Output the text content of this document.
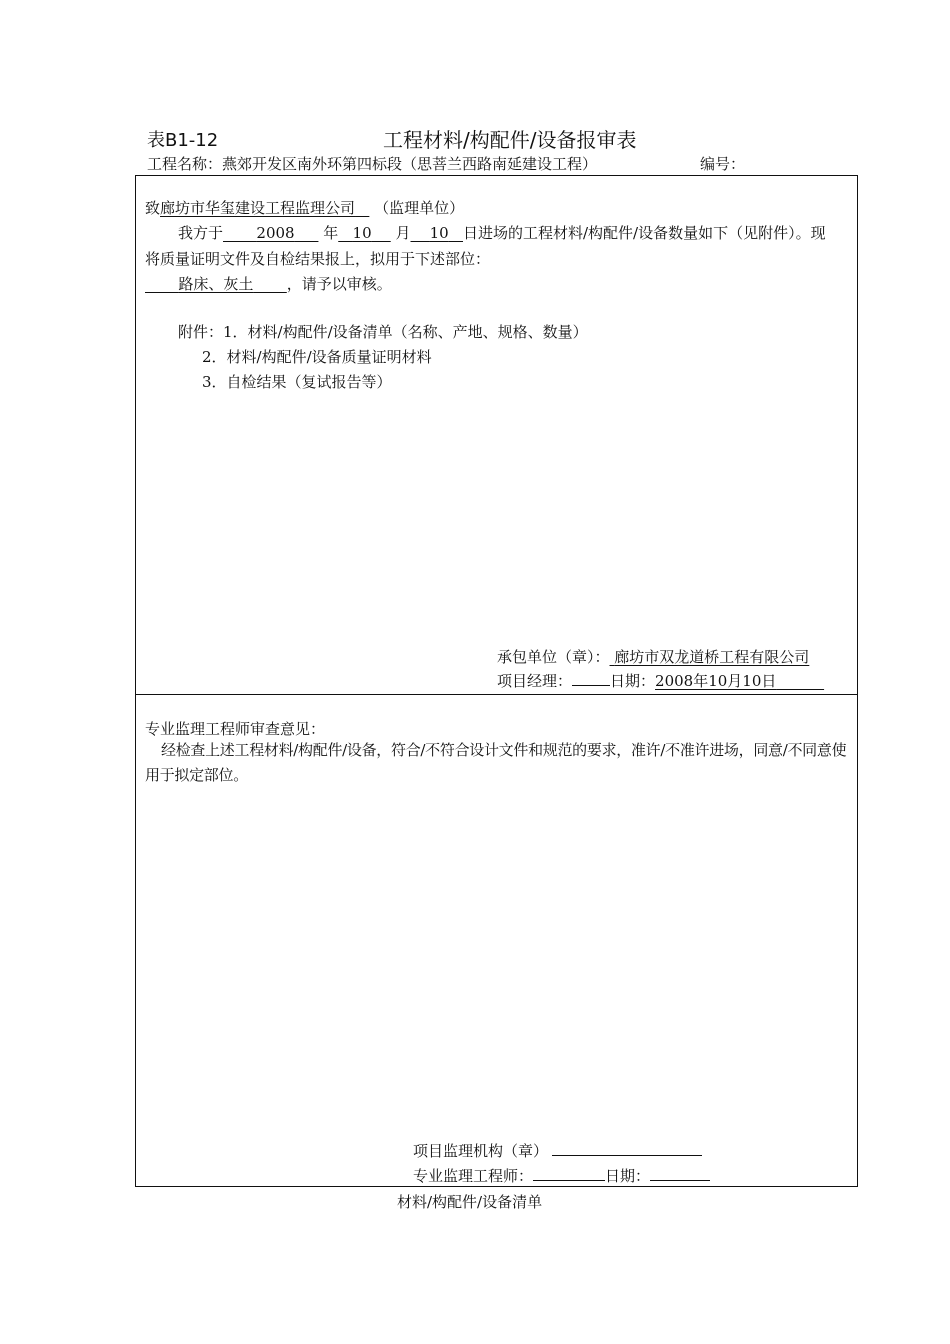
表B1-12	工程材料/构配件/设备报审表
工程名称：燕郊开发区南外环第四标段（思菩兰西路南延建设工程）	编号：
致廊坊市华玺建设工程监理公司 （监理单位）
我方于 2008 年 10 月 10 日进场的工程材料/构配件/设备数量如下（见附件）。现
将质量证明文件及自检结果报上，拟用于下述部位：
路床、灰土 ，请予以审核。
附件：1．材料/构配件/设备清单（名称、产地、规格、数量）
2．材料/构配件/设备质量证明材料
3．自检结果（复试报告等）
承包单位（章）： 廊坊市双龙道桥工程有限公司
项目经理：	日期：2008年10月10日
专业监理工程师审查意见：
经检查上述工程材料/构配件/设备，符合/不符合设计文件和规范的要求，准许/不准许进场，同意/不同意使用于拟定部位。
项目监理机构（章）
专业监理工程师：	日期：
材料/构配件/设备清单
